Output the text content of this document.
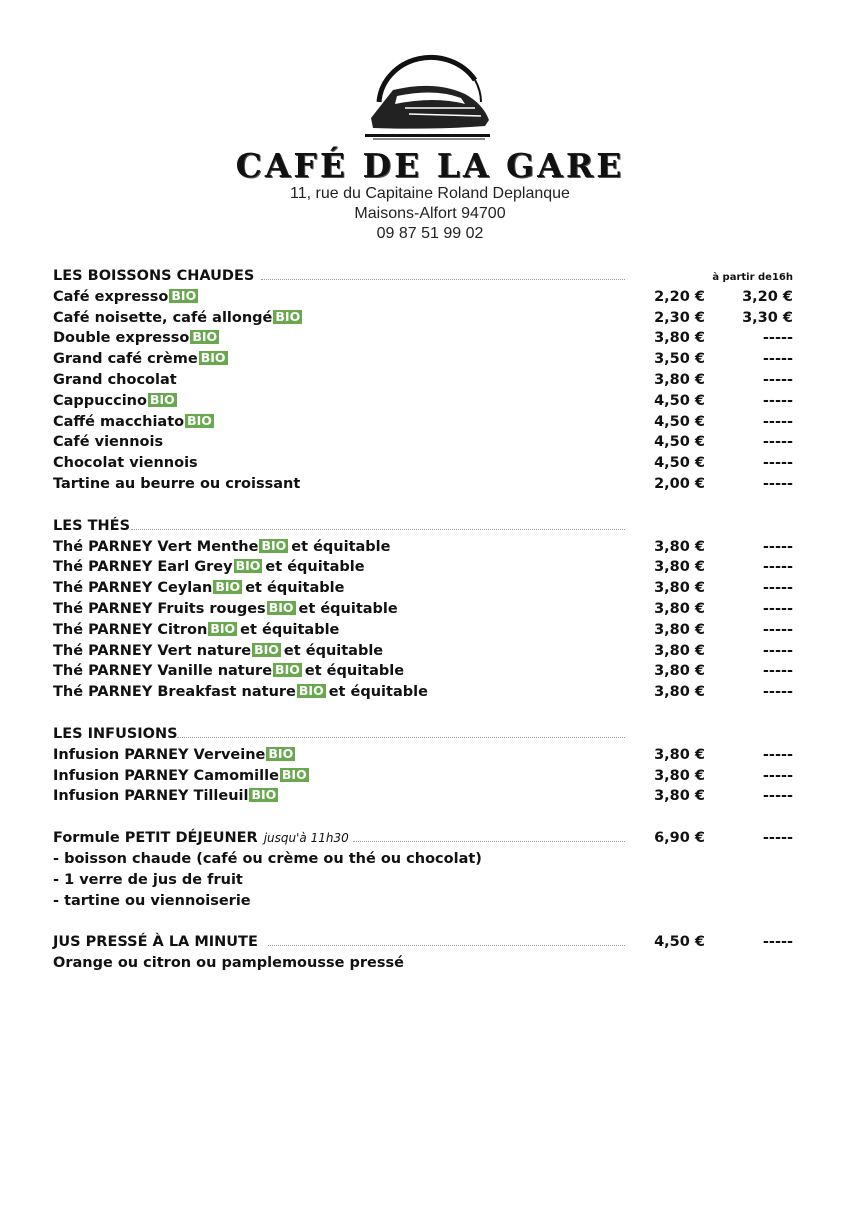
CAFÉ DE LA GARE
11, rue du Capitaine Roland Deplanque
Maisons-Alfort 94700
09 87 51 99 02
LES BOISSONS CHAUDES	à partir de16h
Café expresso BIO	2,20 €	3,20 €
Café noisette, café allongé BIO	2,30 €	3,30 €
Double expresso BIO	3,80 €	-----
Grand café crème BIO	3,50 €	-----
Grand chocolat	3,80 €	-----
Cappuccino BIO	4,50 €	-----
Caffé macchiato BIO	4,50 €	-----
Café viennois	4,50 €	-----
Chocolat viennois	4,50 €	-----
Tartine au beurre ou croissant	2,00 €	-----
LES THÉS
Thé PARNEY Vert Menthe BIO et équitable	3,80 €	-----
Thé PARNEY Earl Grey BIO et équitable	3,80 €	-----
Thé PARNEY Ceylan BIO et équitable	3,80 €	-----
Thé PARNEY Fruits rouges BIO et équitable	3,80 €	-----
Thé PARNEY Citron BIO et équitable	3,80 €	-----
Thé PARNEY Vert nature BIO et équitable	3,80 €	-----
Thé PARNEY Vanille nature BIO et équitable	3,80 €	-----
Thé PARNEY Breakfast nature BIO et équitable	3,80 €	-----
LES INFUSIONS
Infusion PARNEY Verveine BIO	3,80 €	-----
Infusion PARNEY Camomille BIO	3,80 €	-----
Infusion PARNEY Tilleuil BIO	3,80 €	-----
Formule PETIT DÉJEUNER jusqu'à 11h30	6,90 €	-----
- boisson chaude (café ou crème ou thé ou chocolat)
- 1 verre de jus de fruit
- tartine ou viennoiserie
JUS PRESSÉ À LA MINUTE	4,50 €	-----
Orange ou citron ou pamplemousse pressé
